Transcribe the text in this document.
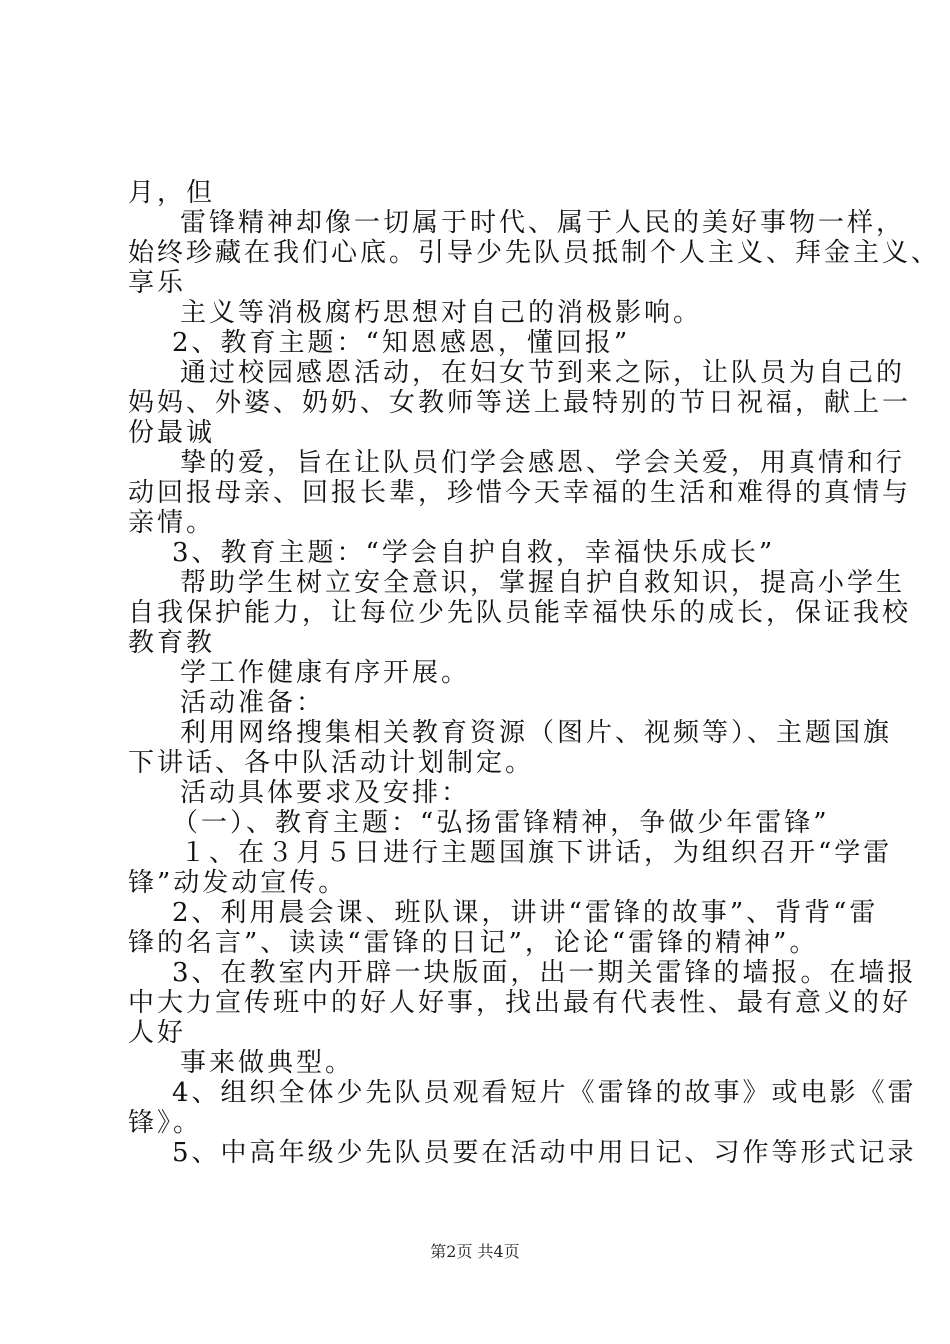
月，但
雷锋精神却像一切属于时代、属于人民的美好事物一样，
始终珍藏在我们心底。引导少先队员抵制个人主义、拜金主义、
享乐
主义等消极腐朽思想对自己的消极影响。
2、教育主题：“知恩感恩，懂回报”
通过校园感恩活动，在妇女节到来之际，让队员为自己的
妈妈、外婆、奶奶、女教师等送上最特别的节日祝福，献上一
份最诚
挚的爱，旨在让队员们学会感恩、学会关爱，用真情和行
动回报母亲、回报长辈，珍惜今天幸福的生活和难得的真情与
亲情。
3、教育主题：“学会自护自救，幸福快乐成长”
帮助学生树立安全意识，掌握自护自救知识，提高小学生
自我保护能力，让每位少先队员能幸福快乐的成长，保证我校
教育教
学工作健康有序开展。
活动准备：
利用网络搜集相关教育资源（图片、视频等）、主题国旗
下讲话、各中队活动计划制定。
活动具体要求及安排：
（一）、教育主题：“弘扬雷锋精神，争做少年雷锋”
１、在３月５日进行主题国旗下讲话，为组织召开“学雷
锋”动发动宣传。
2、利用晨会课、班队课，讲讲“雷锋的故事”、背背“雷
锋的名言”、读读“雷锋的日记”，论论“雷锋的精神”。
3、在教室内开辟一块版面，出一期关雷锋的墙报。在墙报
中大力宣传班中的好人好事，找出最有代表性、最有意义的好
人好
事来做典型。
4、组织全体少先队员观看短片《雷锋的故事》或电影《雷
锋》。
5、中高年级少先队员要在活动中用日记、习作等形式记录
第2页 共4页
